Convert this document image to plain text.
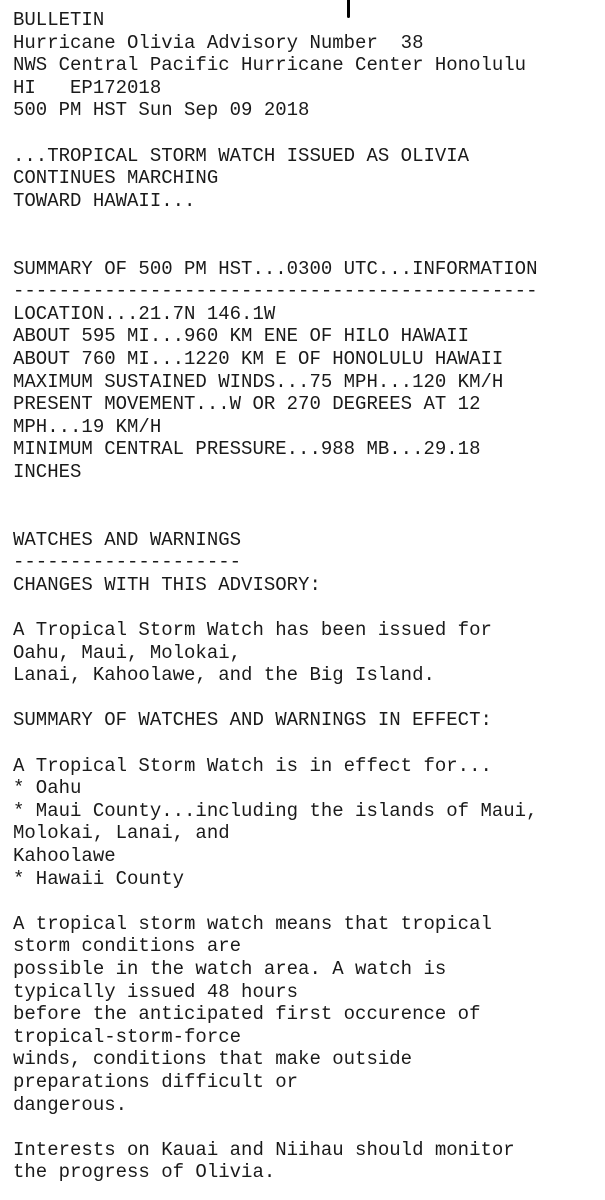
BULLETIN
Hurricane Olivia Advisory Number  38
NWS Central Pacific Hurricane Center Honolulu
HI   EP172018
500 PM HST Sun Sep 09 2018
...TROPICAL STORM WATCH ISSUED AS OLIVIA
CONTINUES MARCHING
TOWARD HAWAII...
SUMMARY OF 500 PM HST...0300 UTC...INFORMATION
----------------------------------------------
LOCATION...21.7N 146.1W
ABOUT 595 MI...960 KM ENE OF HILO HAWAII
ABOUT 760 MI...1220 KM E OF HONOLULU HAWAII
MAXIMUM SUSTAINED WINDS...75 MPH...120 KM/H
PRESENT MOVEMENT...W OR 270 DEGREES AT 12
MPH...19 KM/H
MINIMUM CENTRAL PRESSURE...988 MB...29.18
INCHES
WATCHES AND WARNINGS
--------------------
CHANGES WITH THIS ADVISORY:
A Tropical Storm Watch has been issued for
Oahu, Maui, Molokai,
Lanai, Kahoolawe, and the Big Island.
SUMMARY OF WATCHES AND WARNINGS IN EFFECT:
A Tropical Storm Watch is in effect for...
* Oahu
* Maui County...including the islands of Maui,
Molokai, Lanai, and
Kahoolawe
* Hawaii County
A tropical storm watch means that tropical
storm conditions are
possible in the watch area. A watch is
typically issued 48 hours
before the anticipated first occurence of
tropical-storm-force
winds, conditions that make outside
preparations difficult or
dangerous.
Interests on Kauai and Niihau should monitor
the progress of Olivia.
